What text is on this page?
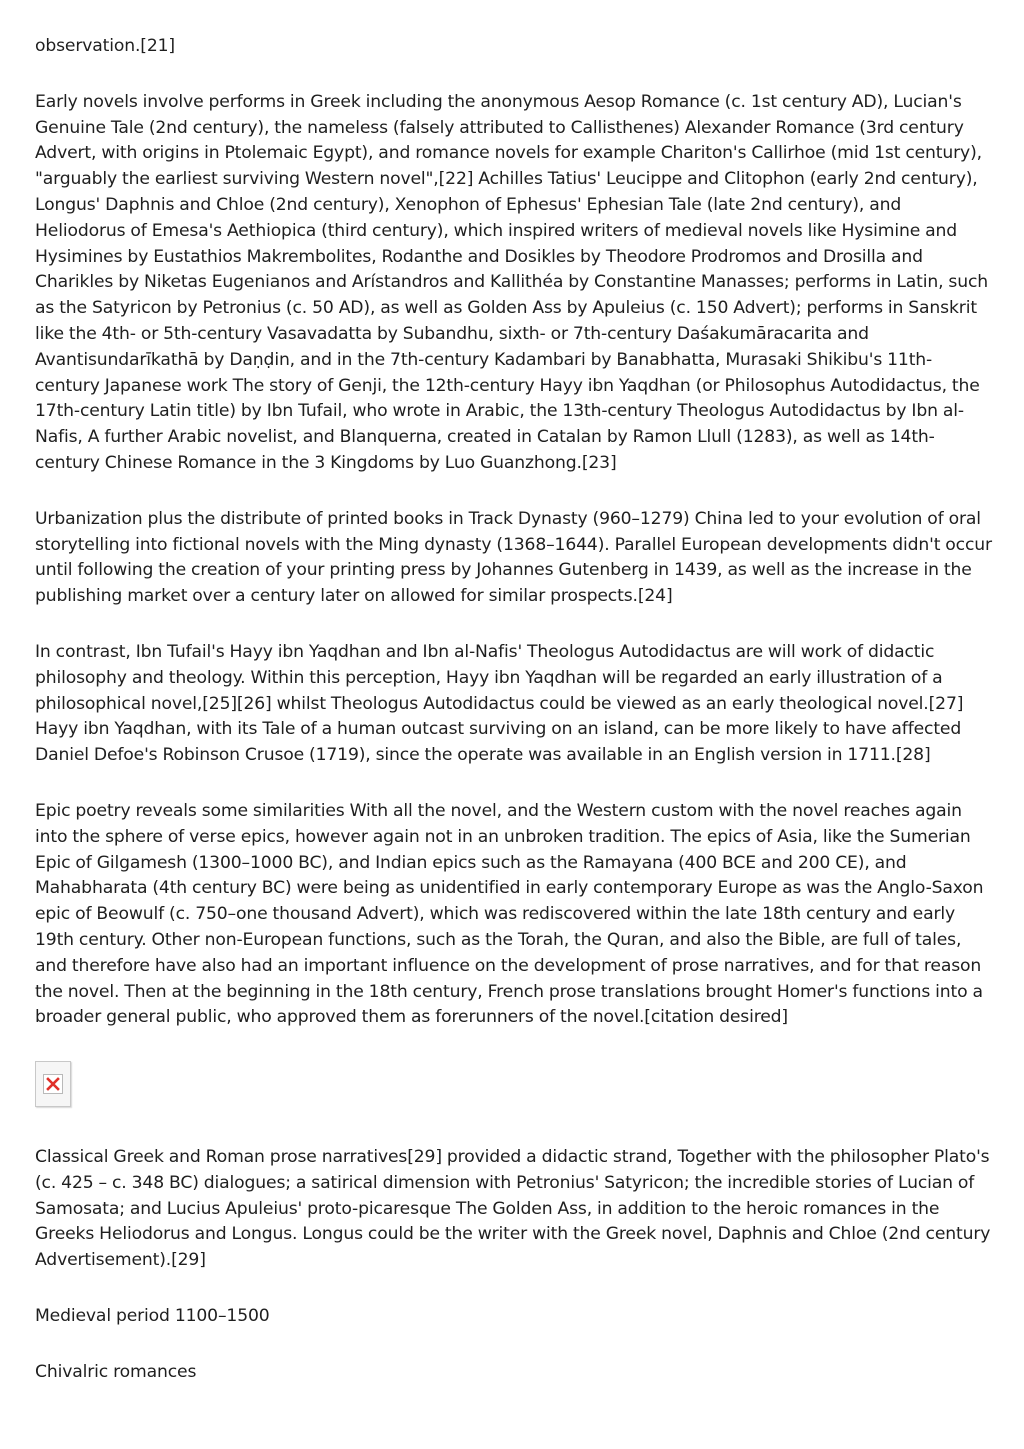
observation.[21]

Early novels involve performs in Greek including the anonymous Aesop Romance (c. 1st century AD), Lucian's Genuine Tale (2nd century), the nameless (falsely attributed to Callisthenes) Alexander Romance (3rd century Advert, with origins in Ptolemaic Egypt), and romance novels for example Chariton's Callirhoe (mid 1st century), "arguably the earliest surviving Western novel",[22] Achilles Tatius' Leucippe and Clitophon (early 2nd century), Longus' Daphnis and Chloe (2nd century), Xenophon of Ephesus' Ephesian Tale (late 2nd century), and Heliodorus of Emesa's Aethiopica (third century), which inspired writers of medieval novels like Hysimine and Hysimines by Eustathios Makrembolites, Rodanthe and Dosikles by Theodore Prodromos and Drosilla and Charikles by Niketas Eugenianos and Arístandros and Kallithéa by Constantine Manasses; performs in Latin, such as the Satyricon by Petronius (c. 50 AD), as well as Golden Ass by Apuleius (c. 150 Advert); performs in Sanskrit like the 4th- or 5th-century Vasavadatta by Subandhu, sixth- or 7th-century Daśakumāracarita and Avantisundarīkathā by Daṇḍin, and in the 7th-century Kadambari by Banabhatta, Murasaki Shikibu's 11th-century Japanese work The story of Genji, the 12th-century Hayy ibn Yaqdhan (or Philosophus Autodidactus, the 17th-century Latin title) by Ibn Tufail, who wrote in Arabic, the 13th-century Theologus Autodidactus by Ibn al-Nafis, A further Arabic novelist, and Blanquerna, created in Catalan by Ramon Llull (1283), as well as 14th-century Chinese Romance in the 3 Kingdoms by Luo Guanzhong.[23]

Urbanization plus the distribute of printed books in Track Dynasty (960–1279) China led to your evolution of oral storytelling into fictional novels with the Ming dynasty (1368–1644). Parallel European developments didn't occur until following the creation of your printing press by Johannes Gutenberg in 1439, as well as the increase in the publishing market over a century later on allowed for similar prospects.[24]

In contrast, Ibn Tufail's Hayy ibn Yaqdhan and Ibn al-Nafis' Theologus Autodidactus are will work of didactic philosophy and theology. Within this perception, Hayy ibn Yaqdhan will be regarded an early illustration of a philosophical novel,[25][26] whilst Theologus Autodidactus could be viewed as an early theological novel.[27] Hayy ibn Yaqdhan, with its Tale of a human outcast surviving on an island, can be more likely to have affected Daniel Defoe's Robinson Crusoe (1719), since the operate was available in an English version in 1711.[28]

Epic poetry reveals some similarities With all the novel, and the Western custom with the novel reaches again into the sphere of verse epics, however again not in an unbroken tradition. The epics of Asia, like the Sumerian Epic of Gilgamesh (1300–1000 BC), and Indian epics such as the Ramayana (400 BCE and 200 CE), and Mahabharata (4th century BC) were being as unidentified in early contemporary Europe as was the Anglo-Saxon epic of Beowulf (c. 750–one thousand Advert), which was rediscovered within the late 18th century and early 19th century. Other non-European functions, such as the Torah, the Quran, and also the Bible, are full of tales, and therefore have also had an important influence on the development of prose narratives, and for that reason the novel. Then at the beginning in the 18th century, French prose translations brought Homer's functions into a broader general public, who approved them as forerunners of the novel.[citation desired]

Classical Greek and Roman prose narratives[29] provided a didactic strand, Together with the philosopher Plato's (c. 425 – c. 348 BC) dialogues; a satirical dimension with Petronius' Satyricon; the incredible stories of Lucian of Samosata; and Lucius Apuleius' proto-picaresque The Golden Ass, in addition to the heroic romances in the Greeks Heliodorus and Longus. Longus could be the writer with the Greek novel, Daphnis and Chloe (2nd century Advertisement).[29]

Medieval period 1100–1500

Chivalric romances
